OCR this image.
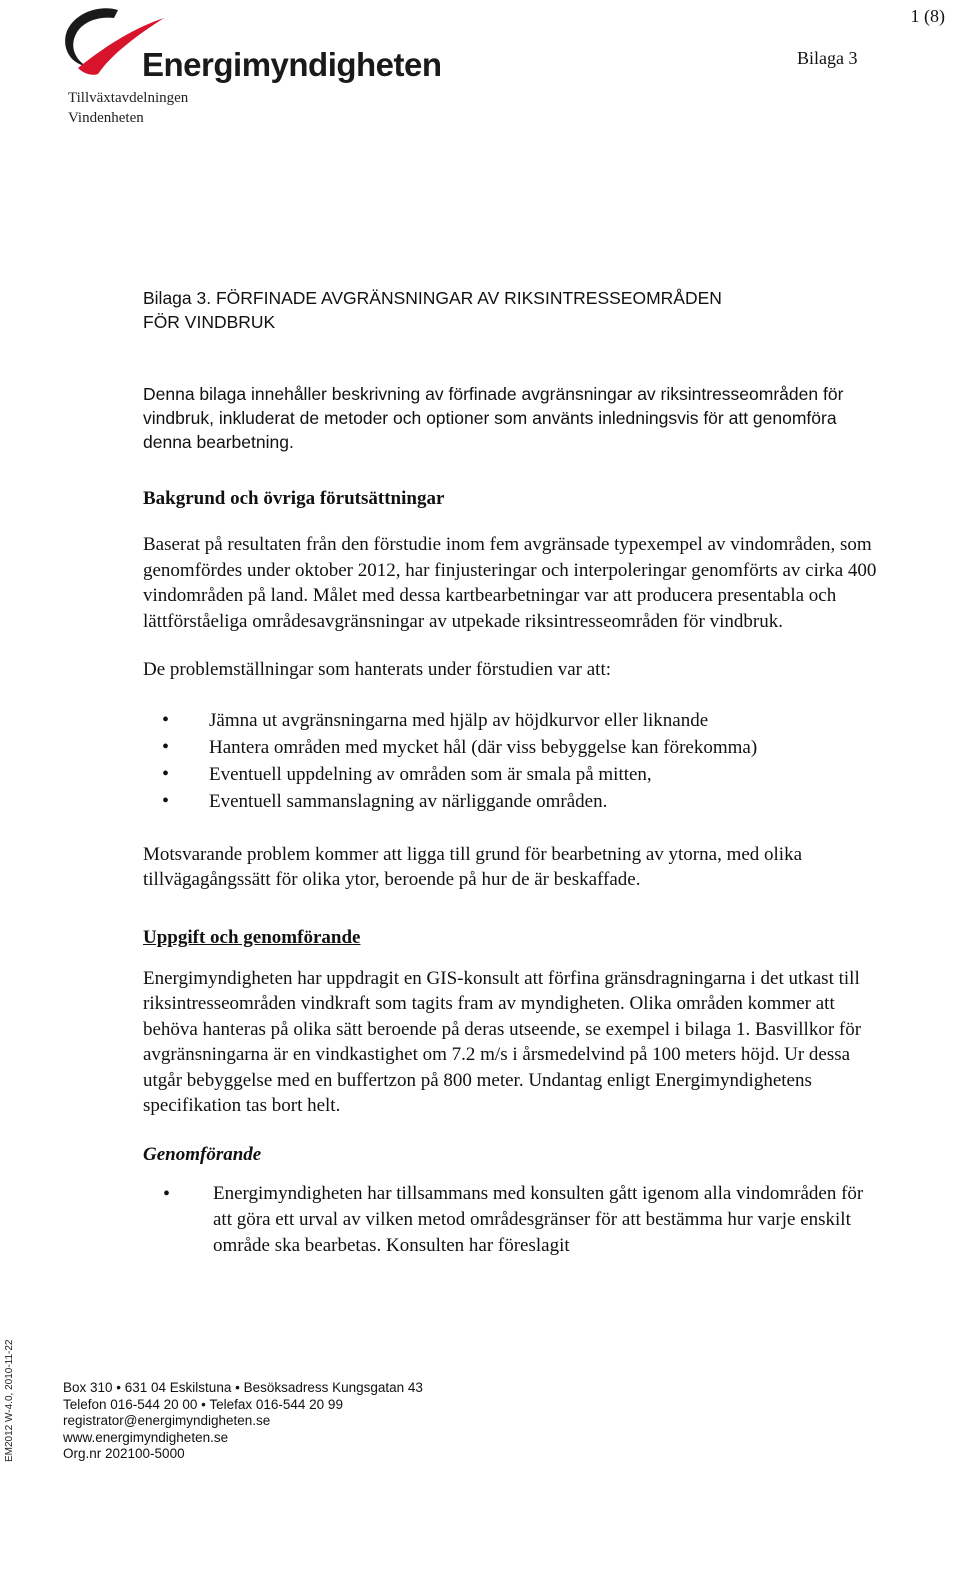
Energimyndigheten
Tillväxtavdelningen
Vindenheten
1 (8)
Bilaga 3
Bilaga 3. FÖRFINADE AVGRÄNSNINGAR AV RIKSINTRESSEOMRÅDEN
FÖR VINDBRUK

Denna bilaga innehåller beskrivning av förfinade avgränsningar av riksintresseområden för vindbruk, inkluderat de metoder och optioner som använts inledningsvis för att genomföra denna bearbetning.

Bakgrund och övriga förutsättningar

Baserat på resultaten från den förstudie inom fem avgränsade typexempel av vindområden, som genomfördes under oktober 2012, har finjusteringar och interpoleringar genomförts av cirka 400 vindområden på land. Målet med dessa kartbearbetningar var att producera presentabla och lättförståeliga områdesavgränsningar av utpekade riksintresseområden för vindbruk.

De problemställningar som hanterats under förstudien var att:

• Jämna ut avgränsningarna med hjälp av höjdkurvor eller liknande
• Hantera områden med mycket hål (där viss bebyggelse kan förekomma)
• Eventuell uppdelning av områden som är smala på mitten,
• Eventuell sammanslagning av närliggande områden.

Motsvarande problem kommer att ligga till grund för bearbetning av ytorna, med olika tillvägagångssätt för olika ytor, beroende på hur de är beskaffade.

Uppgift och genomförande

Energimyndigheten har uppdragit en GIS-konsult att förfina gränsdragningarna i det utkast till riksintresseområden vindkraft som tagits fram av myndigheten. Olika områden kommer att behöva hanteras på olika sätt beroende på deras utseende, se exempel i bilaga 1. Basvillkor för avgränsningarna är en vindkastighet om 7.2 m/s i årsmedelvind på 100 meters höjd. Ur dessa utgår bebyggelse med en buffertzon på 800 meter. Undantag enligt Energimyndighetens specifikation tas bort helt.

Genomförande
• Energimyndigheten har tillsammans med konsulten gått igenom alla vindområden för att göra ett urval av vilken metod områdesgränser för att bestämma hur varje enskilt område ska bearbetas. Konsulten har föreslagit
Box 310 • 631 04 Eskilstuna • Besöksadress Kungsgatan 43
Telefon 016-544 20 00 • Telefax 016-544 20 99
registrator@energimyndigheten.se
www.energimyndigheten.se
Org.nr 202100-5000
EM2012 W-4.0, 2010-11-22
